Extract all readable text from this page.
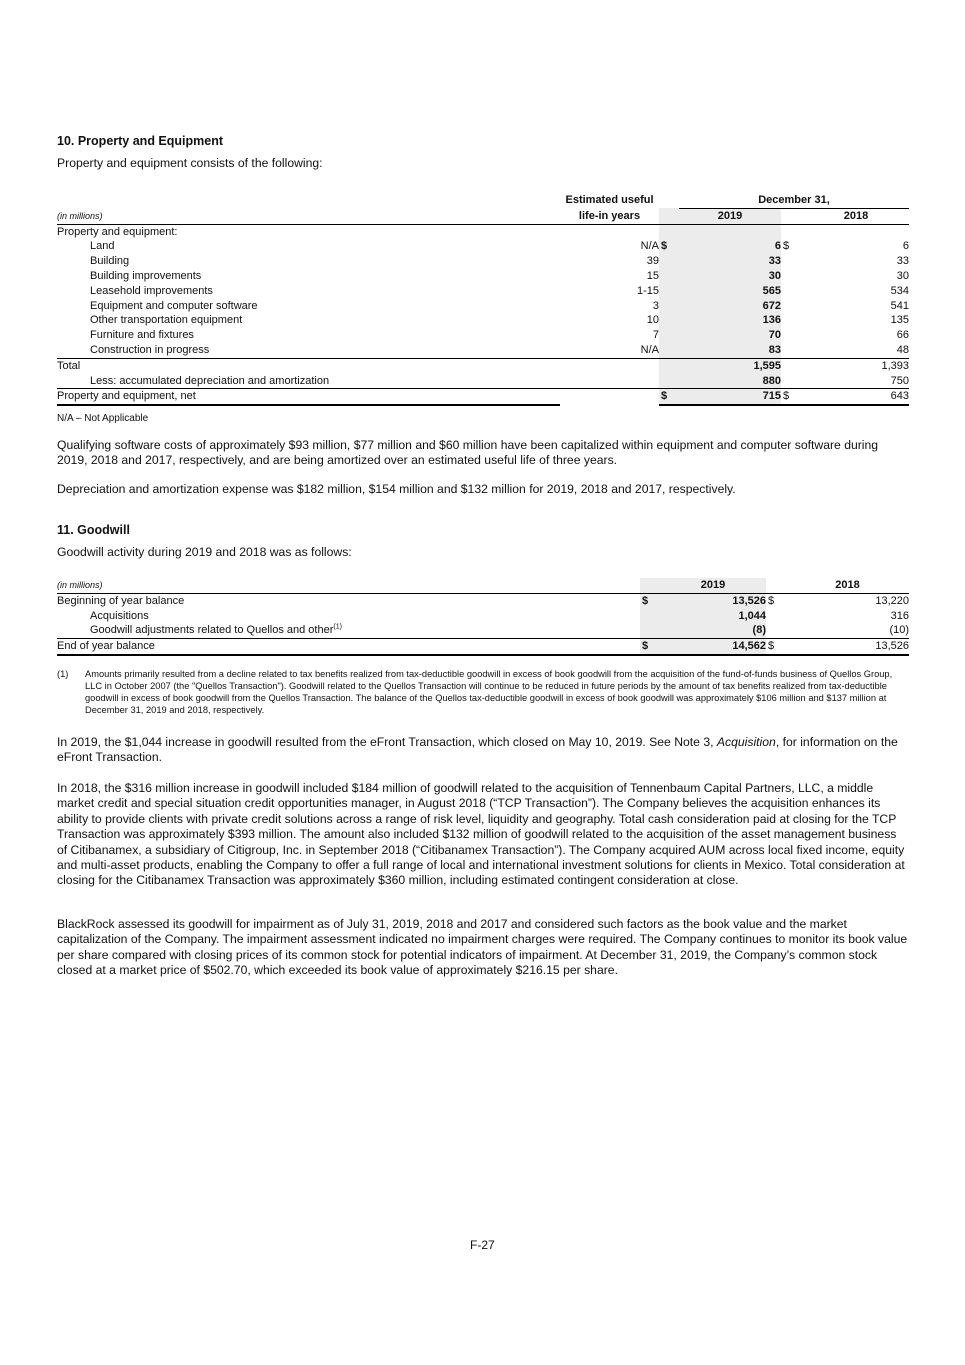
10. Property and Equipment
Property and equipment consists of the following:
	Estimated useful		December 31,		
(in millions)	life-in years		2019		2018
Property and equipment:					
Land	N/A	$	6	$	6
Building	39		33		33
Building improvements	15		30		30
Leasehold improvements	1-15		565		534
Equipment and computer software	3		672		541
Other transportation equipment	10		136		135
Furniture and fixtures	7		70		66
Construction in progress	N/A		83		48
Total			1,595		1,393
Less: accumulated depreciation and amortization			880		750
Property and equipment, net		$	715	$	643
N/A – Not Applicable
Qualifying software costs of approximately $93 million, $77 million and $60 million have been capitalized within equipment and computer software during 2019, 2018 and 2017, respectively, and are being amortized over an estimated useful life of three years.
Depreciation and amortization expense was $182 million, $154 million and $132 million for 2019, 2018 and 2017, respectively.
11. Goodwill
Goodwill activity during 2019 and 2018 was as follows:
(in millions)		2019		2018
Beginning of year balance	$	13,526	$	13,220
Acquisitions		1,044		316
Goodwill adjustments related to Quellos and other$^{(1)}$		(8)		(10)
End of year balance	$	14,562	$	13,526
(1) Amounts primarily resulted from a decline related to tax benefits realized from tax-deductible goodwill in excess of book goodwill from the acquisition of the fund-of-funds business of Quellos Group, LLC in October 2007 (the "Quellos Transaction"). Goodwill related to the Quellos Transaction will continue to be reduced in future periods by the amount of tax benefits realized from tax-deductible goodwill in excess of book goodwill from the Quellos Transaction. The balance of the Quellos tax-deductible goodwill in excess of book goodwill was approximately $106 million and $137 million at December 31, 2019 and 2018, respectively.
In 2019, the $1,044 increase in goodwill resulted from the eFront Transaction, which closed on May 10, 2019. See Note 3, Acquisition, for information on the eFront Transaction.
In 2018, the $316 million increase in goodwill included $184 million of goodwill related to the acquisition of Tennenbaum Capital Partners, LLC, a middle market credit and special situation credit opportunities manager, in August 2018 (“TCP Transaction”). The Company believes the acquisition enhances its ability to provide clients with private credit solutions across a range of risk level, liquidity and geography. Total cash consideration paid at closing for the TCP Transaction was approximately $393 million. The amount also included $132 million of goodwill related to the acquisition of the asset management business of Citibanamex, a subsidiary of Citigroup, Inc. in September 2018 (“Citibanamex Transaction”). The Company acquired AUM across local fixed income, equity and multi-asset products, enabling the Company to offer a full range of local and international investment solutions for clients in Mexico. Total consideration at closing for the Citibanamex Transaction was approximately $360 million, including estimated contingent consideration at close.
BlackRock assessed its goodwill for impairment as of July 31, 2019, 2018 and 2017 and considered such factors as the book value and the market capitalization of the Company. The impairment assessment indicated no impairment charges were required. The Company continues to monitor its book value per share compared with closing prices of its common stock for potential indicators of impairment. At December 31, 2019, the Company’s common stock closed at a market price of $502.70, which exceeded its book value of approximately $216.15 per share.
F-27
